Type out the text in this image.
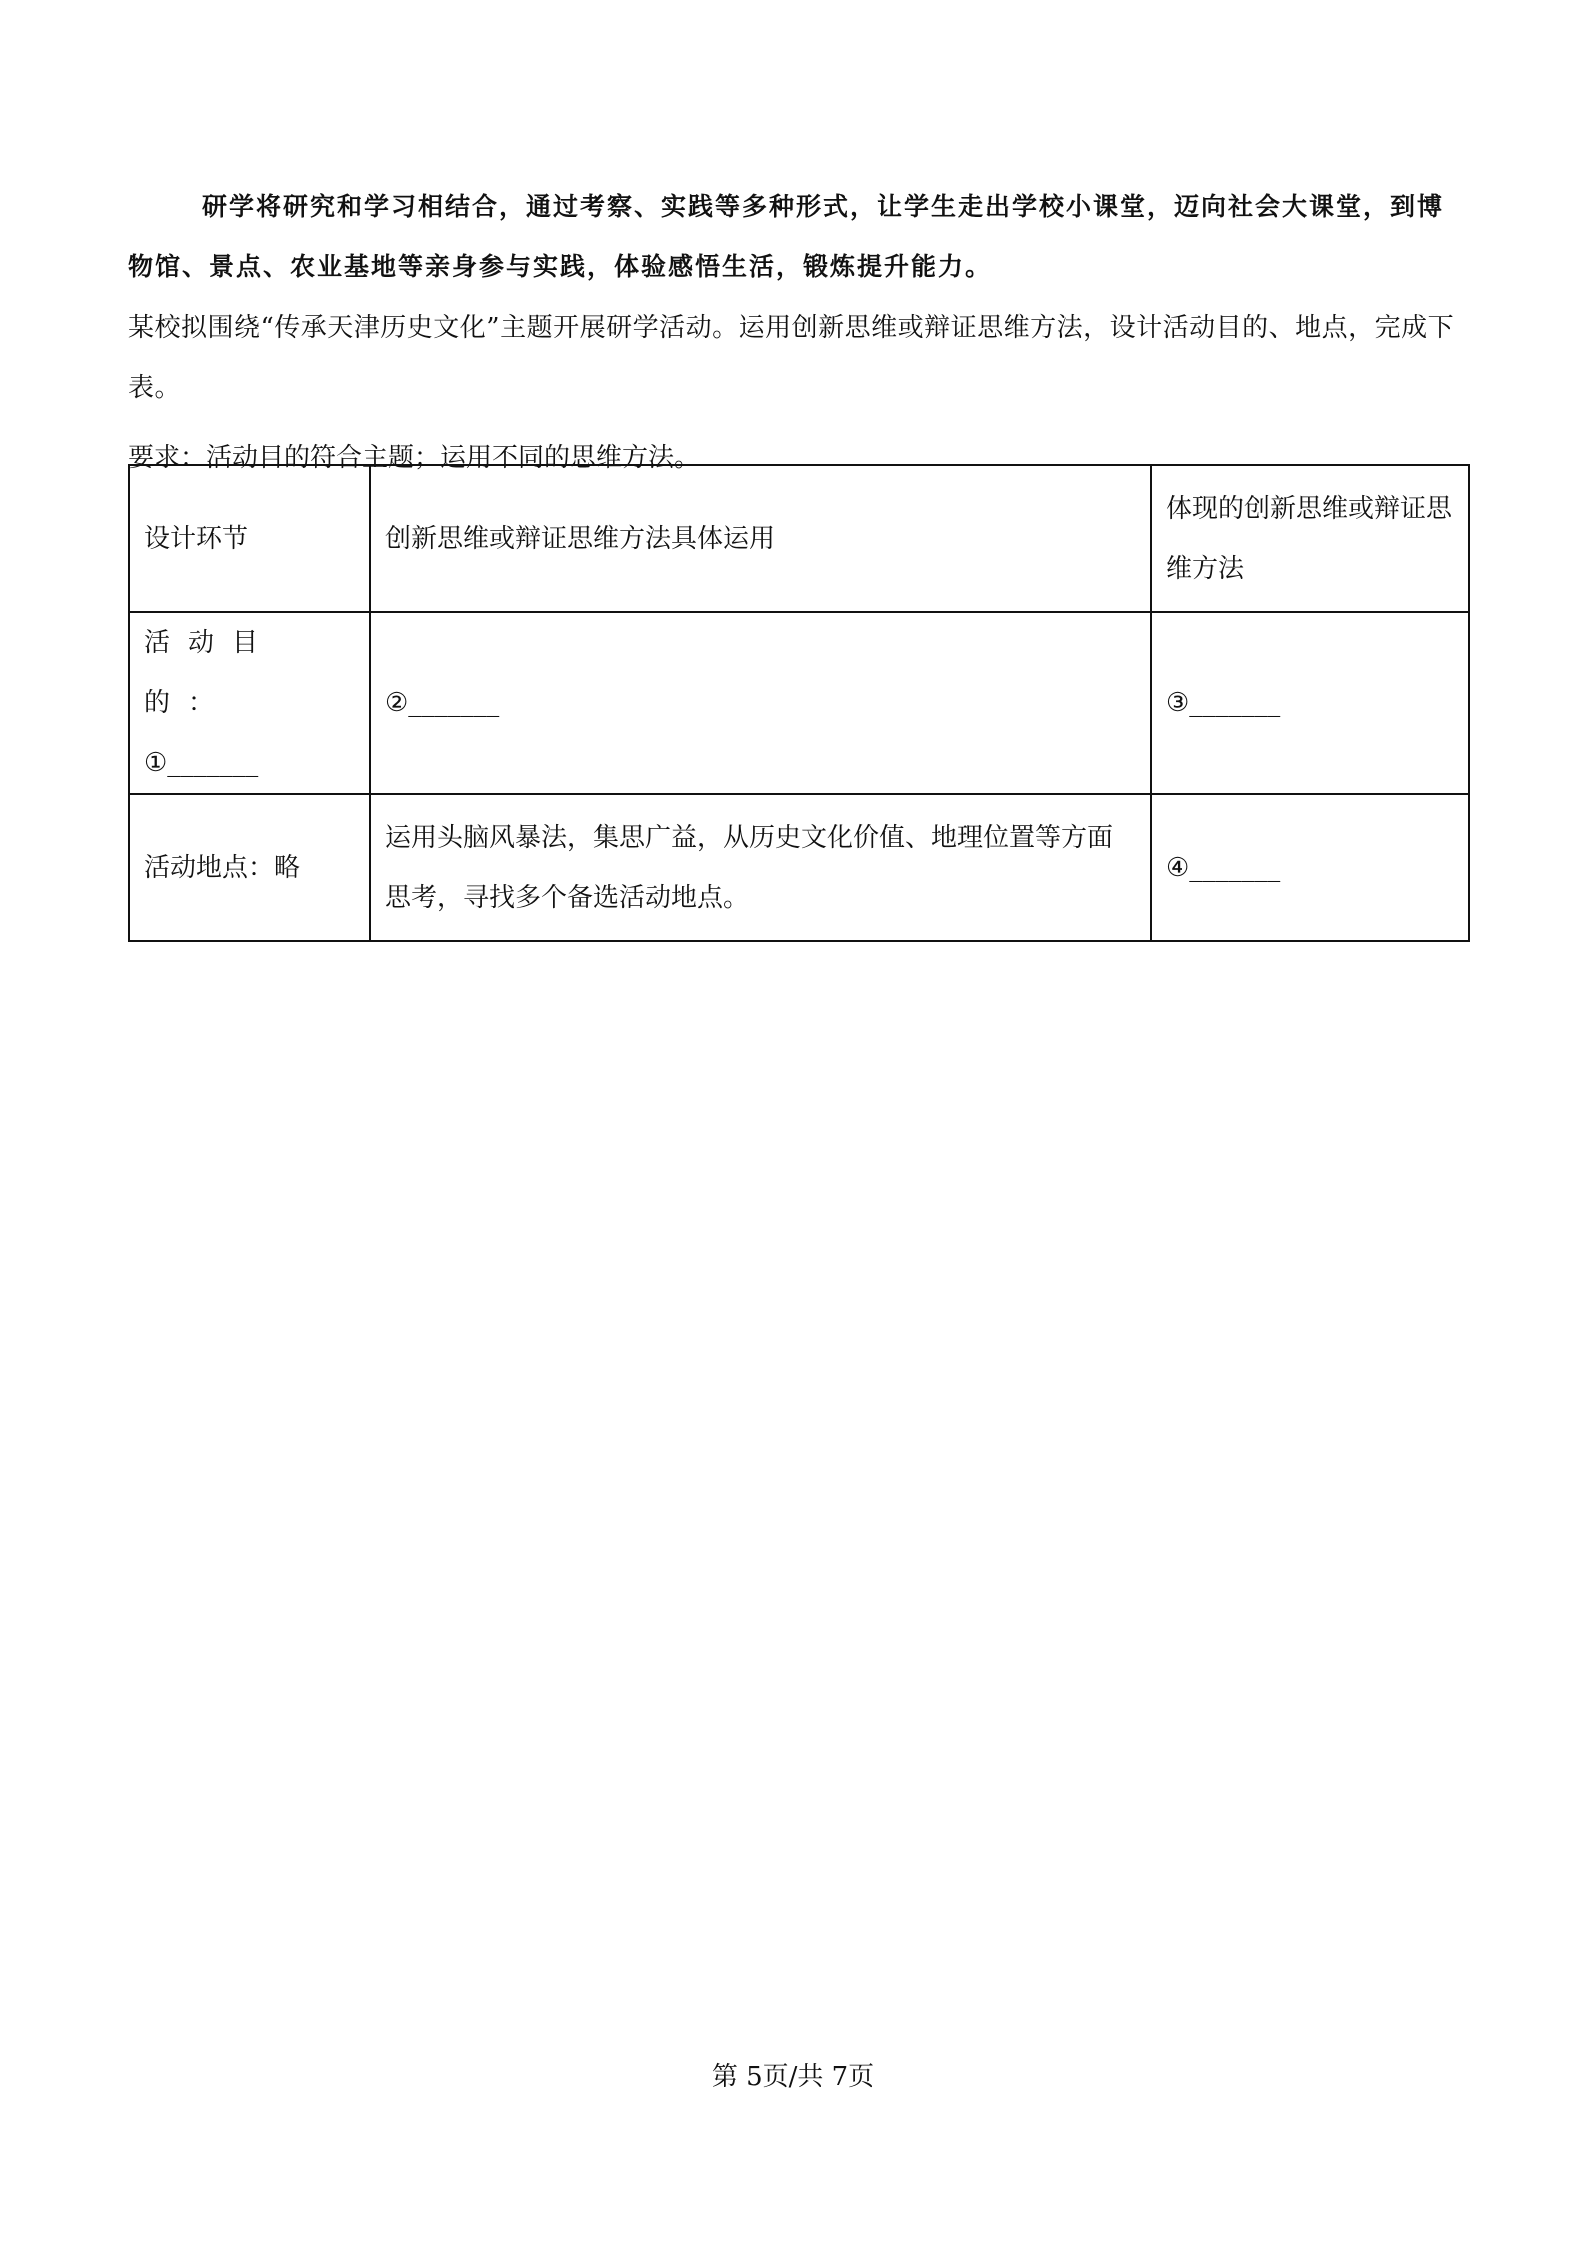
研学将研究和学习相结合，通过考察、实践等多种形式，让学生走出学校小课堂，迈向社会大课堂，到博物馆、景点、农业基地等亲身参与实践，体验感悟生活，锻炼提升能力。

某校拟围绕“传承天津历史文化”主题开展研学活动。运用创新思维或辩证思维方法，设计活动目的、地点，完成下表。

要求：活动目的符合主题；运用不同的思维方法。

设计环节	创新思维或辩证思维方法具体运用	体现的创新思维或辩证思维方法

活动目的：
①_______	②_______	③_______
活动地点：略	运用头脑风暴法，集思广益，从历史文化价值、地理位置等方面思考，寻找多个备选活动地点。	④_______
第 5页/共 7页
